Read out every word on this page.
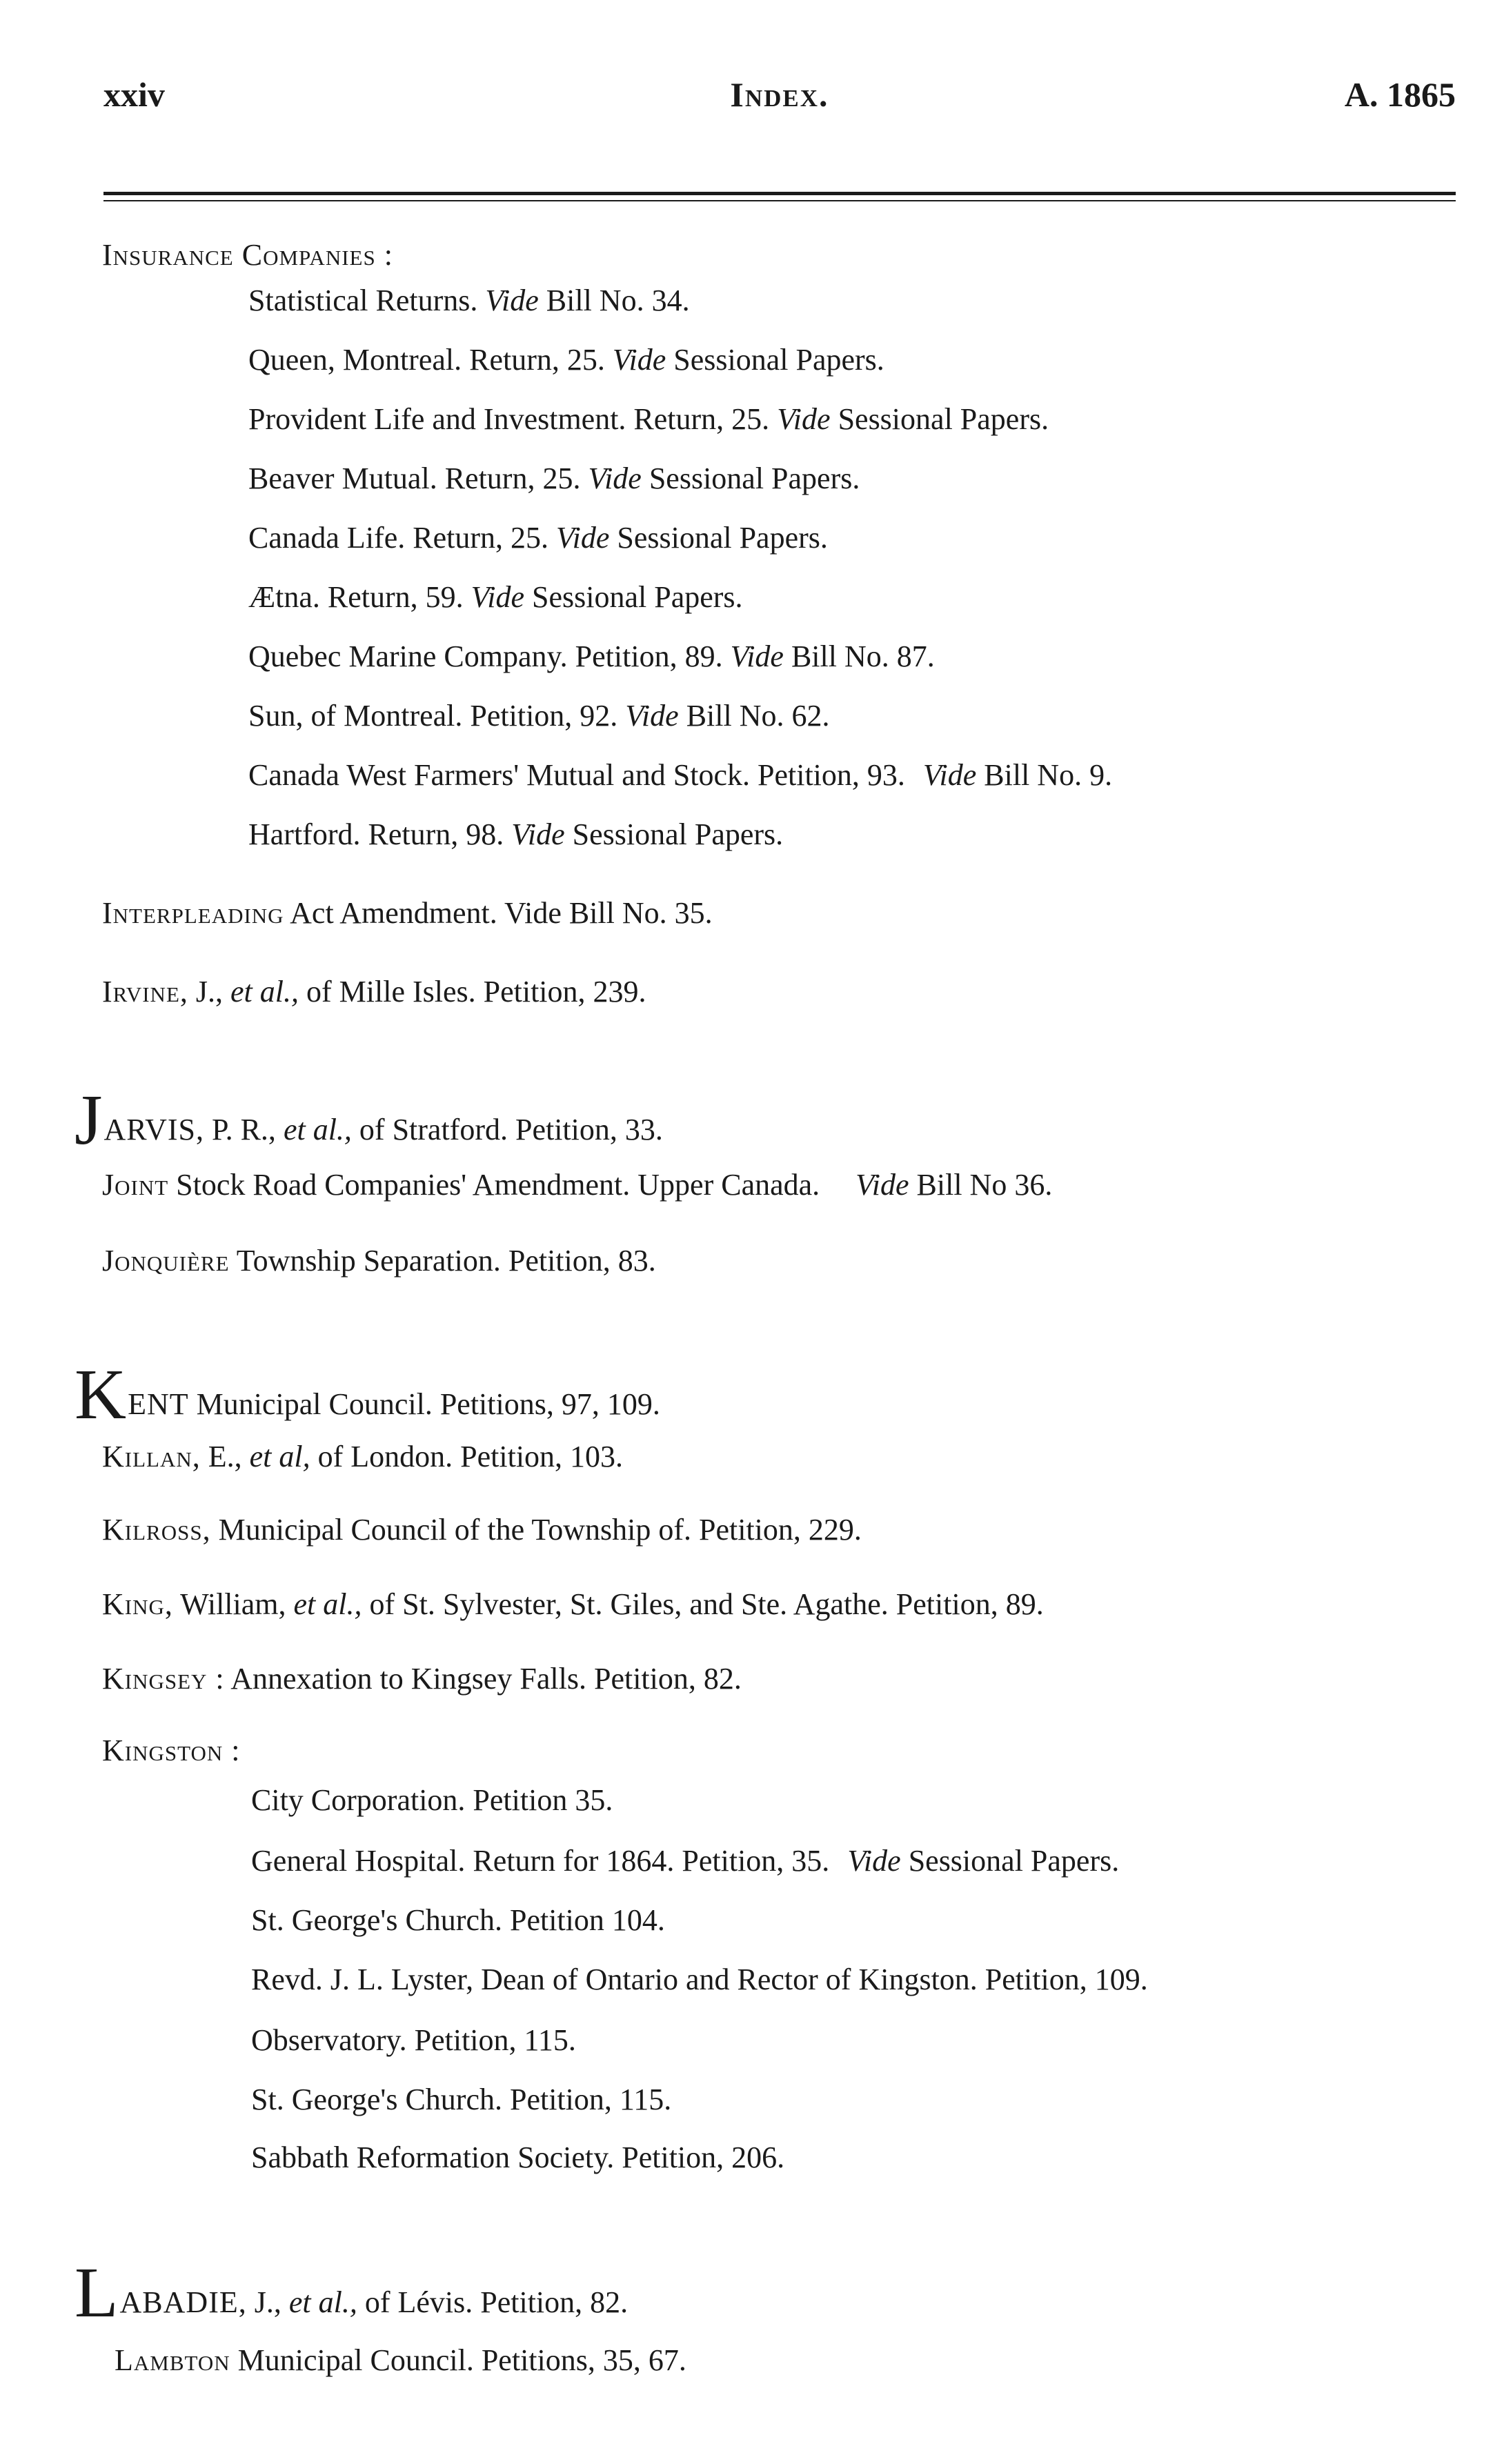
xxiv	Index.	A. 1865
Insurance Companies :
Statistical Returns. Vide Bill No. 34.
Queen, Montreal. Return, 25. Vide Sessional Papers.
Provident Life and Investment. Return, 25. Vide Sessional Papers.
Beaver Mutual. Return, 25. Vide Sessional Papers.
Canada Life. Return, 25. Vide Sessional Papers.
Ætna. Return, 59. Vide Sessional Papers.
Quebec Marine Company. Petition, 89. Vide Bill No. 87.
Sun, of Montreal. Petition, 92. Vide Bill No. 62.
Canada West Farmers' Mutual and Stock. Petition, 93. Vide Bill No. 9.
Hartford. Return, 98. Vide Sessional Papers.
Interpleading Act Amendment. Vide Bill No. 35.
Irvine, J., et al., of Mille Isles. Petition, 239.
JARVIS, P. R., et al., of Stratford. Petition, 33.
Joint Stock Road Companies' Amendment. Upper Canada. Vide Bill No 36.
Jonquière Township Separation. Petition, 83.
KENT Municipal Council. Petitions, 97, 109.
Killan, E., et al, of London. Petition, 103.
Kilross, Municipal Council of the Township of. Petition, 229.
King, William, et al., of St. Sylvester, St. Giles, and Ste. Agathe. Petition, 89.
Kingsey : Annexation to Kingsey Falls. Petition, 82.
Kingston :
City Corporation. Petition 35.
General Hospital. Return for 1864. Petition, 35. Vide Sessional Papers.
St. George's Church. Petition 104.
Revd. J. L. Lyster, Dean of Ontario and Rector of Kingston. Petition, 109.
Observatory. Petition, 115.
St. George's Church. Petition, 115.
Sabbath Reformation Society. Petition, 206.
LABADIE, J., et al., of Lévis. Petition, 82.
Lambton Municipal Council. Petitions, 35, 67.
